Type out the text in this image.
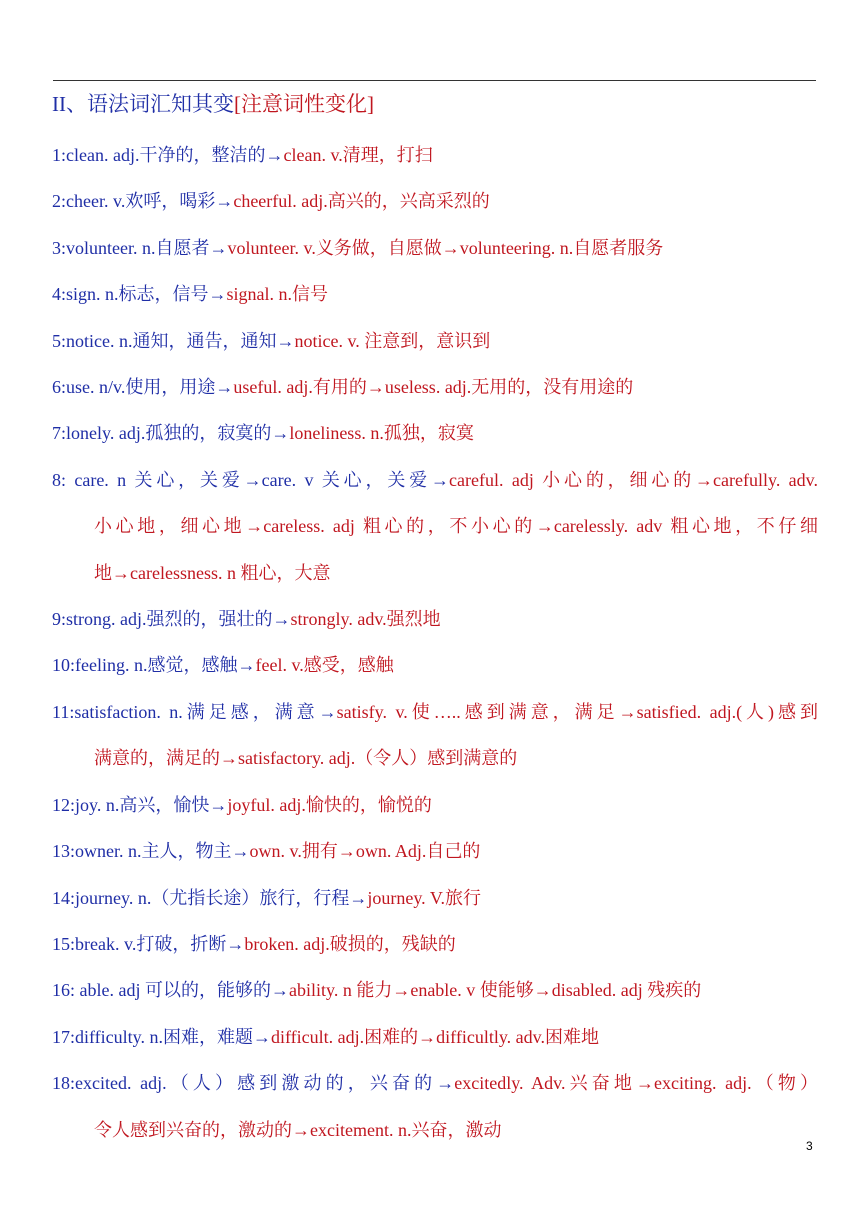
II、语法词汇知其变[注意词性变化]
1:clean. adj.干净的，整洁的→clean. v.清理，打扫
2:cheer. v.欢呼，喝彩→cheerful. adj.高兴的，兴高采烈的
3:volunteer. n.自愿者→volunteer. v.义务做，自愿做→volunteering. n.自愿者服务
4:sign. n.标志，信号→signal. n.信号
5:notice. n.通知，通告，通知→notice. v. 注意到，意识到
6:use. n/v.使用，用途→useful. adj.有用的→useless. adj.无用的，没有用途的
7:lonely. adj.孤独的，寂寞的→loneliness. n.孤独，寂寞
8: care. n 关心，关爱→care. v 关心，关爱→careful. adj 小心的，细心的→carefully. adv.
小心地，细心地→careless. adj 粗心的，不小心的→carelessly. adv 粗心地，不仔细
地→carelessness. n 粗心，大意
9:strong. adj.强烈的，强壮的→strongly. adv.强烈地
10:feeling. n.感觉，感触→feel. v.感受，感触
11:satisfaction. n.满足感，满意→satisfy. v.使…..感到满意，满足→satisfied. adj.(人)感到
满意的，满足的→satisfactory. adj.（令人）感到满意的
12:joy. n.高兴，愉快→joyful. adj.愉快的，愉悦的
13:owner. n.主人，物主→own. v.拥有→own. Adj.自己的
14:journey. n.（尤指长途）旅行，行程→journey. V.旅行
15:break. v.打破，折断→broken. adj.破损的，残缺的
16: able. adj 可以的，能够的→ability. n 能力→enable. v 使能够→disabled. adj 残疾的
17:difficulty. n.困难，难题→difficult. adj.困难的→difficultly. adv.困难地
18:excited. adj.（人）感到激动的，兴奋的→excitedly. Adv.兴奋地→exciting. adj.（物）
令人感到兴奋的，激动的→excitement. n.兴奋，激动
3
